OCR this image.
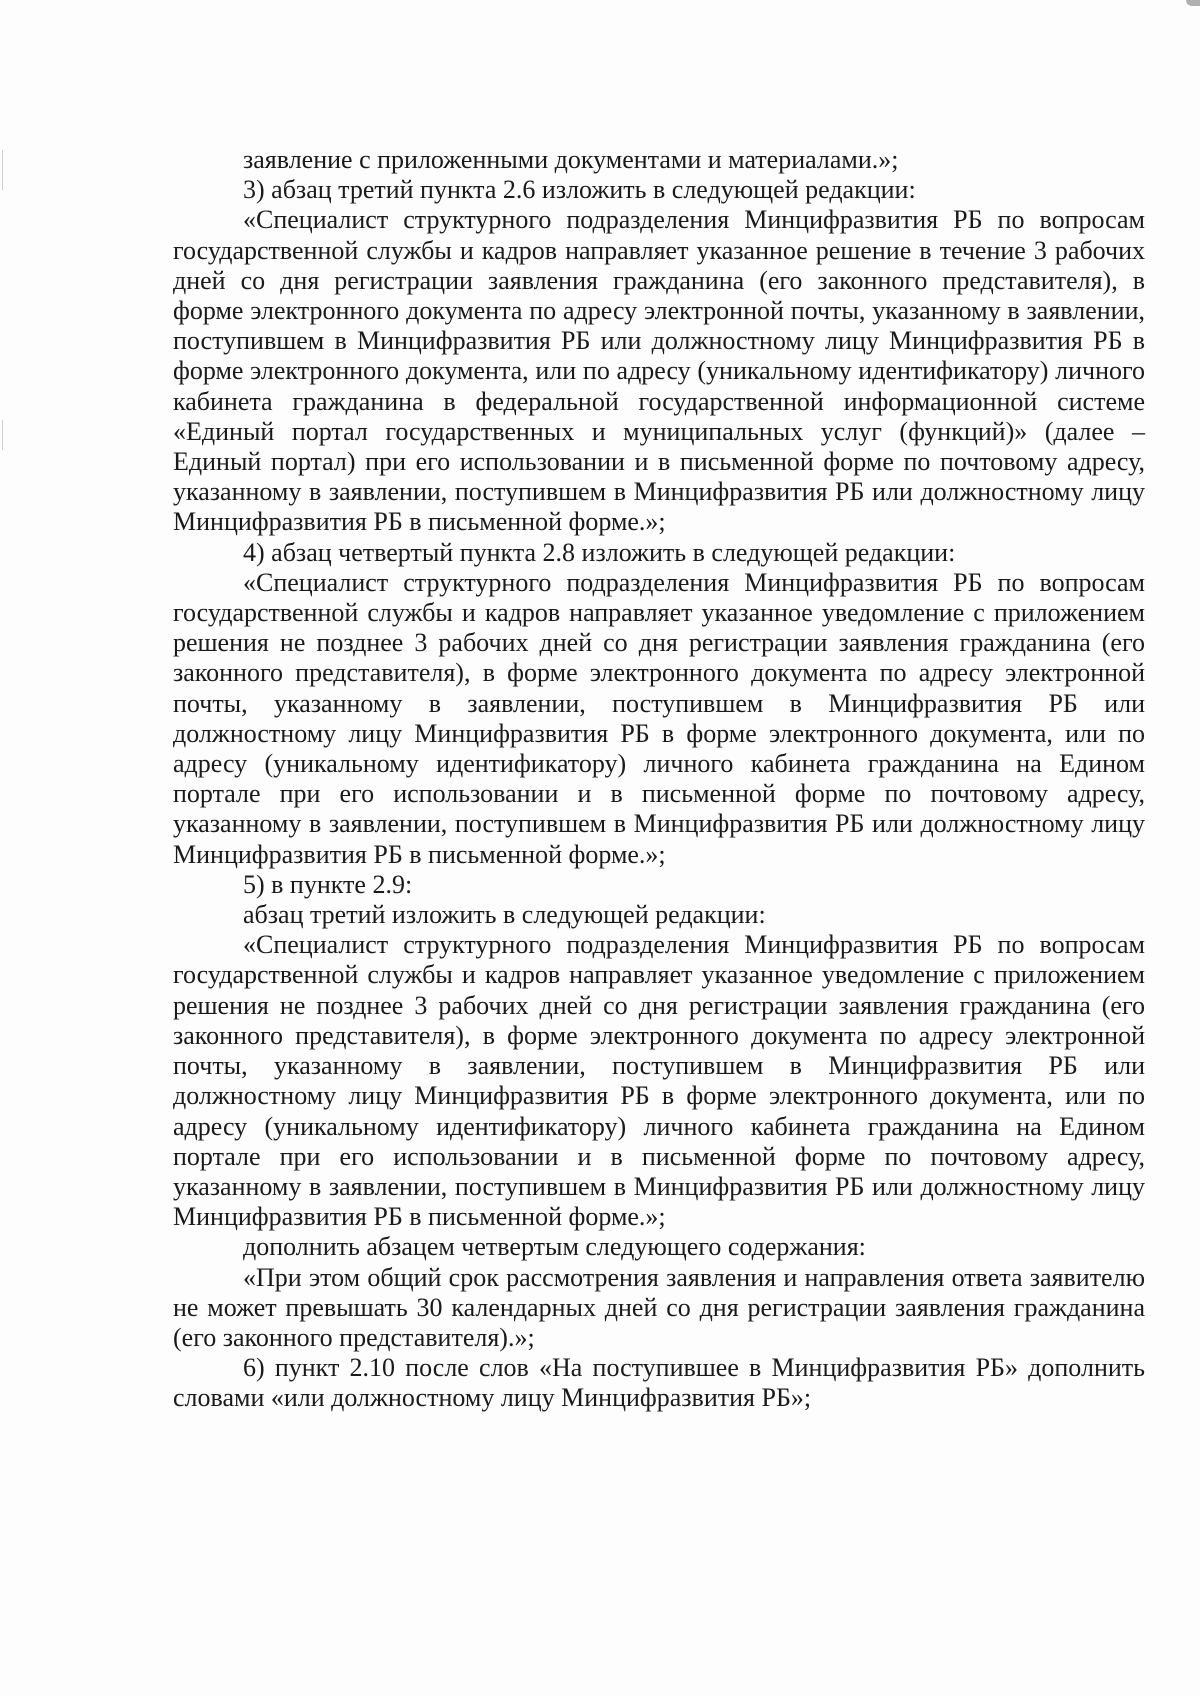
заявление с приложенными документами и материалами.»;

3) абзац третий пункта 2.6 изложить в следующей редакции:

«Специалист структурного подразделения Минцифразвития РБ по вопросам государственной службы и кадров направляет указанное решение в течение 3 рабочих дней со дня регистрации заявления гражданина (его законного представителя), в форме электронного документа по адресу электронной почты, указанному в заявлении, поступившем в Минцифразвития РБ или должностному лицу Минцифразвития РБ в форме электронного документа, или по адресу (уникальному идентификатору) личного кабинета гражданина в федеральной государственной информационной системе «Единый портал государственных и муниципальных услуг (функций)» (далее – Единый портал) при его использовании и в письменной форме по почтовому адресу, указанному в заявлении, поступившем в Минцифразвития РБ или должностному лицу Минцифразвития РБ в письменной форме.»;

4) абзац четвертый пункта 2.8 изложить в следующей редакции:

«Специалист структурного подразделения Минцифразвития РБ по вопросам государственной службы и кадров направляет указанное уведомление с приложением решения не позднее 3 рабочих дней со дня регистрации заявления гражданина (его законного представителя), в форме электронного документа по адресу электронной почты, указанному в заявлении, поступившем в Минцифразвития РБ или должностному лицу Минцифразвития РБ в форме электронного документа, или по адресу (уникальному идентификатору) личного кабинета гражданина на Едином портале при его использовании и в письменной форме по почтовому адресу, указанному в заявлении, поступившем в Минцифразвития РБ или должностному лицу Минцифразвития РБ в письменной форме.»;

5) в пункте 2.9:

абзац третий изложить в следующей редакции:

«Специалист структурного подразделения Минцифразвития РБ по вопросам государственной службы и кадров направляет указанное уведомление с приложением решения не позднее 3 рабочих дней со дня регистрации заявления гражданина (его законного представителя), в форме электронного документа по адресу электронной почты, указанному в заявлении, поступившем в Минцифразвития РБ или должностному лицу Минцифразвития РБ в форме электронного документа, или по адресу (уникальному идентификатору) личного кабинета гражданина на Едином портале при его использовании и в письменной форме по почтовому адресу, указанному в заявлении, поступившем в Минцифразвития РБ или должностному лицу Минцифразвития РБ в письменной форме.»;

дополнить абзацем четвертым следующего содержания:

«При этом общий срок рассмотрения заявления и направления ответа заявителю не может превышать 30 календарных дней со дня регистрации заявления гражданина (его законного представителя).»;

6) пункт 2.10 после слов «На поступившее в Минцифразвития РБ» дополнить словами «или должностному лицу Минцифразвития РБ»;
